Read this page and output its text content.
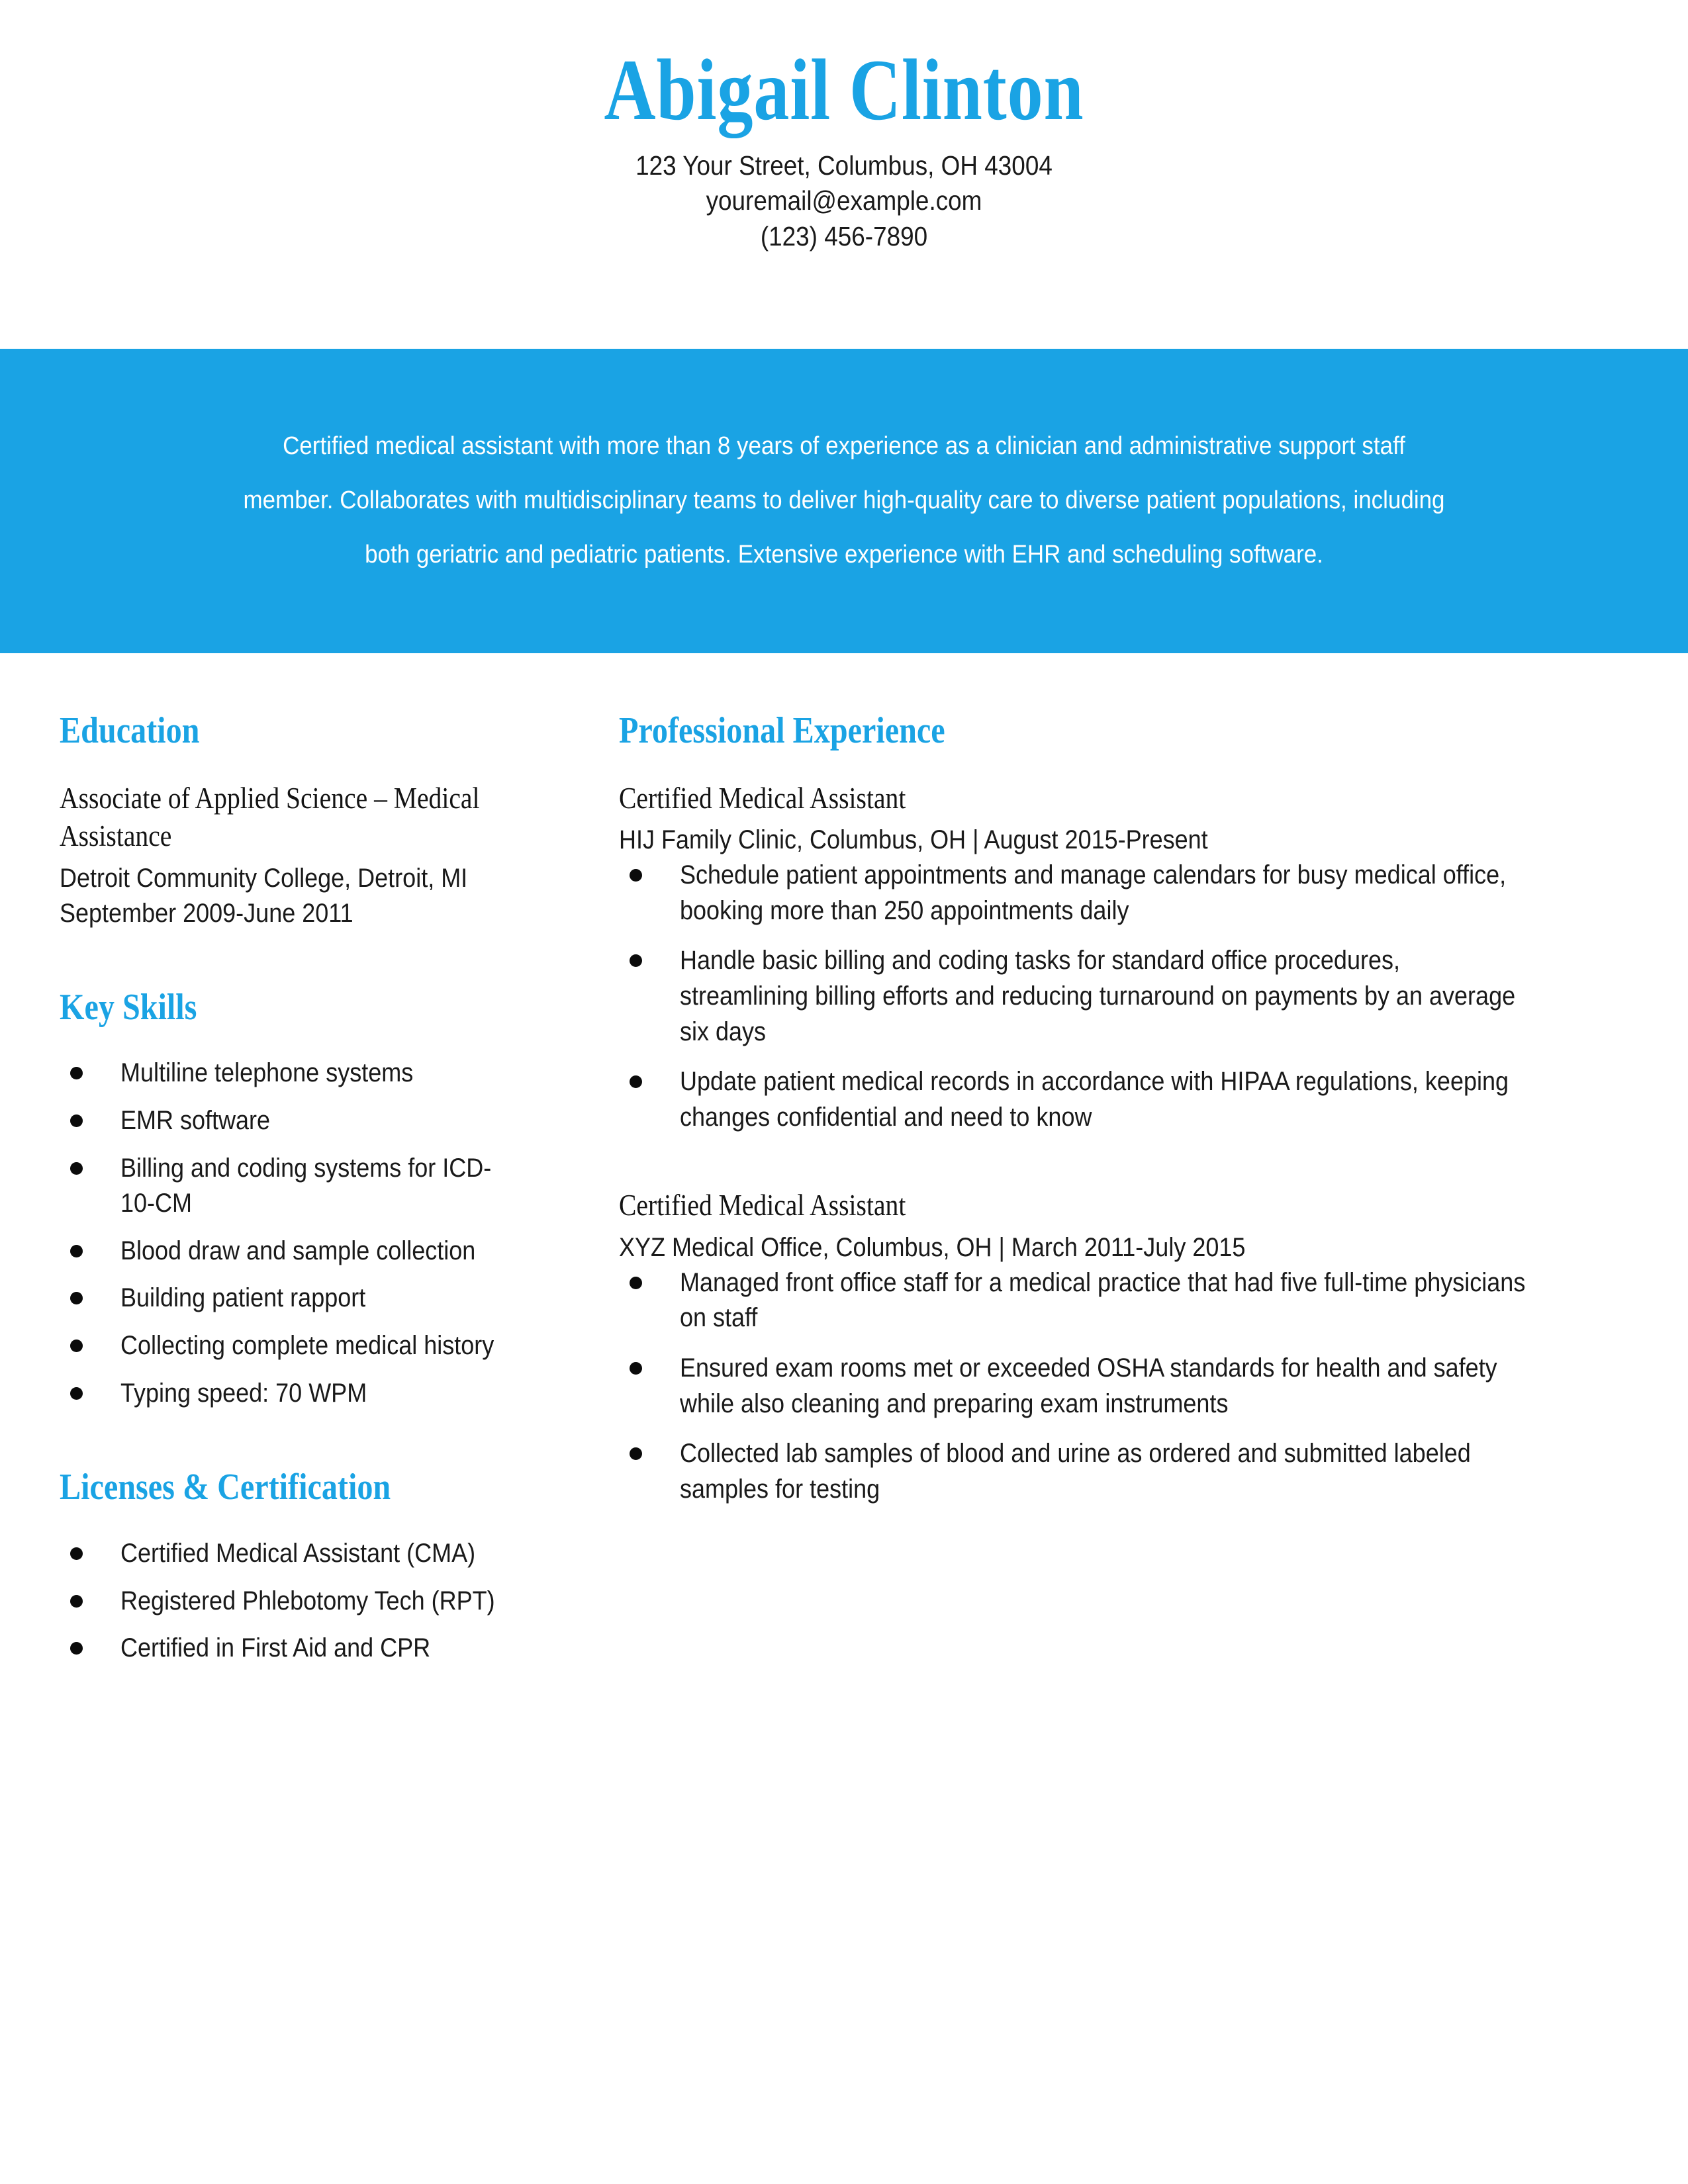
Abigail Clinton
123 Your Street, Columbus, OH 43004
youremail@example.com
(123) 456-7890
Certified medical assistant with more than 8 years of experience as a clinician and administrative support staff member. Collaborates with multidisciplinary teams to deliver high-quality care to diverse patient populations, including both geriatric and pediatric patients. Extensive experience with EHR and scheduling software.
Education
Associate of Applied Science – Medical Assistance
Detroit Community College, Detroit, MI
September 2009-June 2011
Key Skills
Multiline telephone systems
EMR software
Billing and coding systems for ICD-10-CM
Blood draw and sample collection
Building patient rapport
Collecting complete medical history
Typing speed: 70 WPM
Licenses & Certification
Certified Medical Assistant (CMA)
Registered Phlebotomy Tech (RPT)
Certified in First Aid and CPR
Professional Experience
Certified Medical Assistant
HIJ Family Clinic, Columbus, OH | August 2015-Present
Schedule patient appointments and manage calendars for busy medical office, booking more than 250 appointments daily
Handle basic billing and coding tasks for standard office procedures, streamlining billing efforts and reducing turnaround on payments by an average six days
Update patient medical records in accordance with HIPAA regulations, keeping changes confidential and need to know
Certified Medical Assistant
XYZ Medical Office, Columbus, OH | March 2011-July 2015
Managed front office staff for a medical practice that had five full-time physicians on staff
Ensured exam rooms met or exceeded OSHA standards for health and safety while also cleaning and preparing exam instruments
Collected lab samples of blood and urine as ordered and submitted labeled samples for testing
